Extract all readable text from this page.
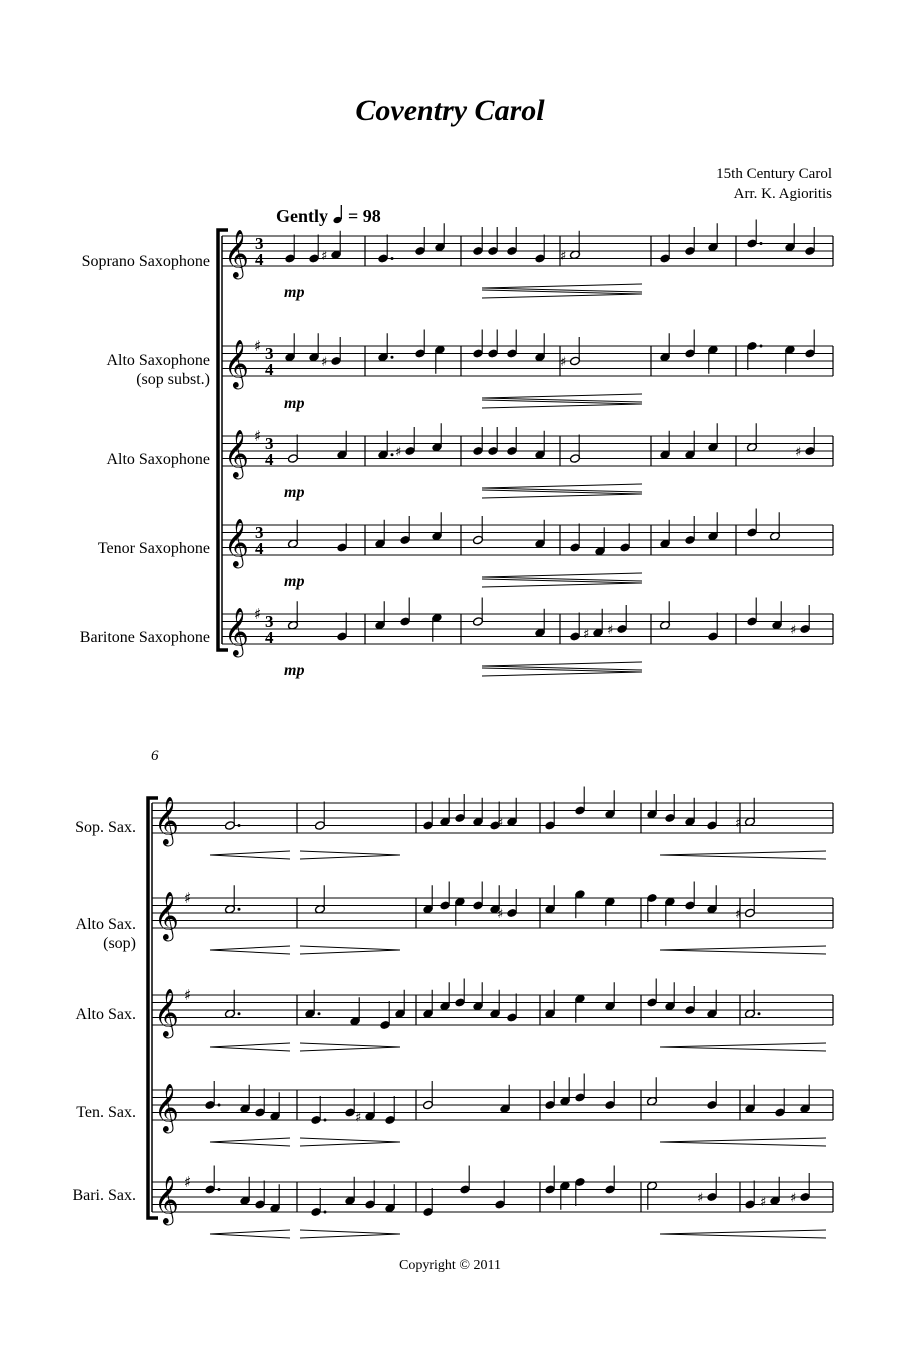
Coventry Carol
15th Century Carol
Arr. K. Agioritis
Gently = 98
Soprano Saxophone
Alto Saxophone
(sop subst.)
Alto Saxophone
Tenor Saxophone
Baritone Saxophone
mp
mp
mp
mp
mp
6
Sop. Sax.
Alto Sax.
(sop)
Alto Sax.
Ten. Sax.
Bari. Sax.
Copyright © 2011
𝄞 3
4
𝄞 ♯ 3
4
𝄞 ♯ 3
4
𝄞 3
4
𝄞 ♯ 3
4
♯	♯
♯	♯
♯	♯
♯ ♯	♯
𝄞
𝄞 ♯
𝄞 ♯
𝄞
𝄞 ♯
♯	♯
♯	♯
♯
♯	♯ ♯
